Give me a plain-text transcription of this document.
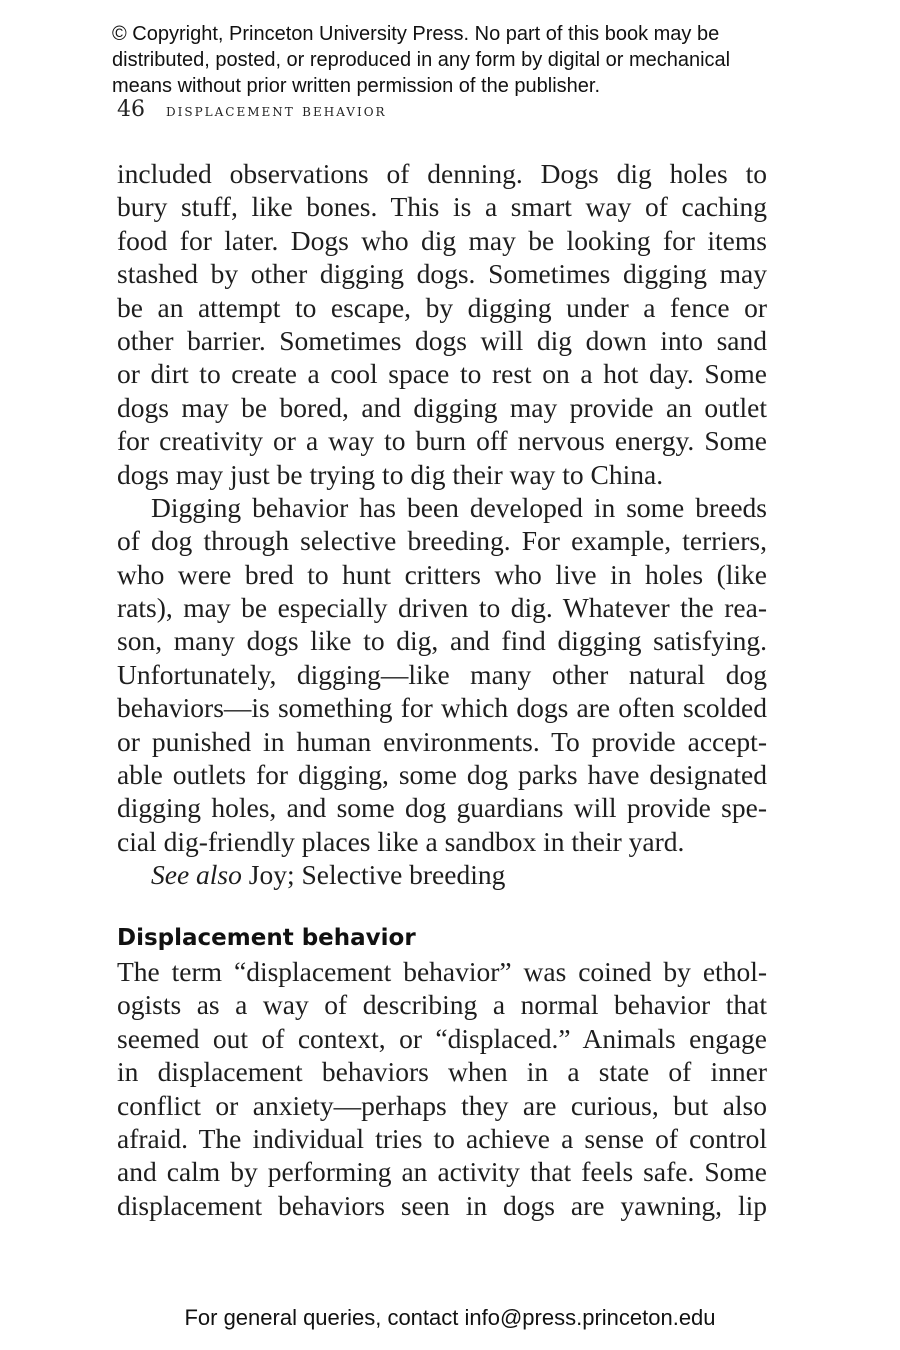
© Copyright, Princeton University Press. No part of this book may be
distributed, posted, or reproduced in any form by digital or mechanical
means without prior written permission of the publisher.
46 displacement behavior
included observations of denning. Dogs dig holes to
bury stuff, like bones. This is a smart way of caching
food for later. Dogs who dig may be looking for items
stashed by other digging dogs. Sometimes digging may
be an attempt to escape, by digging under a fence or
other barrier. Sometimes dogs will dig down into sand
or dirt to create a cool space to rest on a hot day. Some
dogs may be bored, and digging may provide an outlet
for creativity or a way to burn off nervous energy. Some
dogs may just be trying to dig their way to China.
Digging behavior has been developed in some breeds
of dog through selective breeding. For example, terriers,
who were bred to hunt critters who live in holes (like
rats), may be especially driven to dig. Whatever the rea-
son, many dogs like to dig, and find digging satisfying.
Unfortunately, digging—like many other natural dog
behaviors—is something for which dogs are often scolded
or punished in human environments. To provide accept-
able outlets for digging, some dog parks have designated
digging holes, and some dog guardians will provide spe-
cial dig-friendly places like a sandbox in their yard.
See also Joy; Selective breeding
Displacement behavior
The term “displacement behavior” was coined by ethol-
ogists as a way of describing a normal behavior that
seemed out of context, or “displaced.” Animals engage
in displacement behaviors when in a state of inner
conflict or anxiety—perhaps they are curious, but also
afraid. The individual tries to achieve a sense of control
and calm by performing an activity that feels safe. Some
displacement behaviors seen in dogs are yawning, lip
For general queries, contact info@press.princeton.edu
